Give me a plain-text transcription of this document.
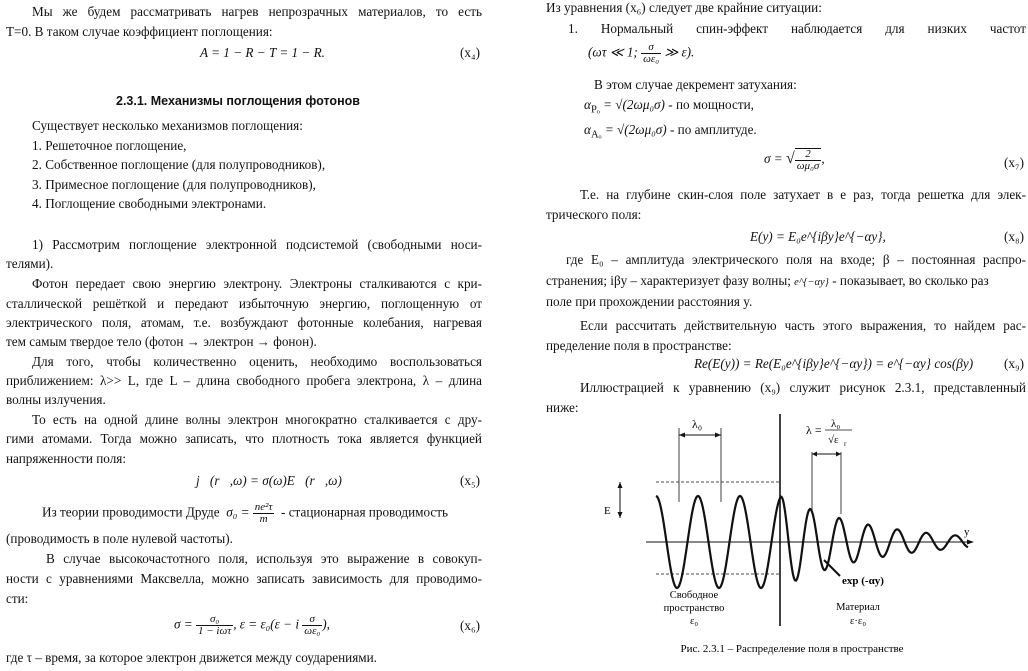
Мы же будем рассматривать нагрев непрозрачных материалов, то есть
T=0. В таком случае коэффициент поглощения:
A = 1 − R − T = 1 − R.	(x₄)
2.3.1. Механизмы поглощения фотонов
Существует несколько механизмов поглощения:
1. Решеточное поглощение,
2. Собственное поглощение (для полупроводников),
3. Примесное поглощение (для полупроводников),
4. Поглощение свободными электронами.
1) Рассмотрим поглощение электронной подсистемой (свободными носи-
телями).
Фотон передает свою энергию электрону. Электроны сталкиваются с кри-
сталлической решёткой и передают избыточную энергию, поглощенную от
электрического поля, атомам, т.е. возбуждают фотонные колебания, нагревая
тем самым твердое тело (фотон → электрон → фонон).
Для того, чтобы количественно оценить, необходимо воспользоваться
приближением: λ>> L, где L – длина свободного пробега электрона, λ – длина
волны излучения.
То есть на одной длине волны электрон многократно сталкивается с дру-
гими атомами. Тогда можно записать, что плотность тока является функцией
напряженности поля:
j⃗(r⃗,ω) = σ(ω)E⃗(r⃗,ω)	(x₅)
Из теории проводимости Друде $\sigma_0 = \frac{\text{ne²τ}}{m}$ - стационарная проводимость
(проводимость в поле нулевой частоты).
В случае высокочастотного поля, используя это выражение в совокуп-
ности с уравнениями Максвелла, можно записать зависимость для проводимо-
сти:
$\sigma = \frac{\text{σ₀}}{\text{1 − iωτ}}$ , ε = ε₀(ε − i $\frac{\sigma}{\text{ωε₀}}$ ),	(x₆)
где τ – время, за которое электрон движется между соударениями.
Из уравнения (x₆) следует две крайние ситуации:
1. Нормальный спин-эффект наблюдается для низких частот
(ωτ ≪ 1; $\frac{\sigma}{\text{ωε₀}}$ ≫ ε).
В этом случае декремент затухания:
$\alpha_{P_o} = √(2\omega\mu_0\sigma)$ - по мощности,
$\alpha_{A_o} = √(2\omega\mu_0\sigma)$ - по амплитуде.
σ = √ $\frac{2}{\text{ωμ₀σ}}$ ,	(x₇)
Т.е. на глубине скин-слоя поле затухает в е раз, тогда решетка для элек-
трического поля:
E(y) = E₀e^{iβy}e^{−αy},	(x₈)
где E₀ – амплитуда электрического поля на входе; β – постоянная распро-
странения; iβy – характеризует фазу волны; e^{−αy} - показывает, во сколько раз
поле при прохождении расстояния y.
Если рассчитать действительную часть этого выражения, то найдем рас-
пределение поля в пространстве:
Re(E(y)) = Re(E₀e^{iβy}e^{−αy}) = e^{−αy} cos(βy) (x₉)
Иллюстрацией к уравнению (x₉) служит рисунок 2.3.1, представленный
ниже:
λ₀	λ = λ₀
√ε r
E
y
exp (-αy)
Свободное
пространство
ε₀
Материал
ε·ε₀
Рис. 2.3.1 – Распределение поля в пространстве
